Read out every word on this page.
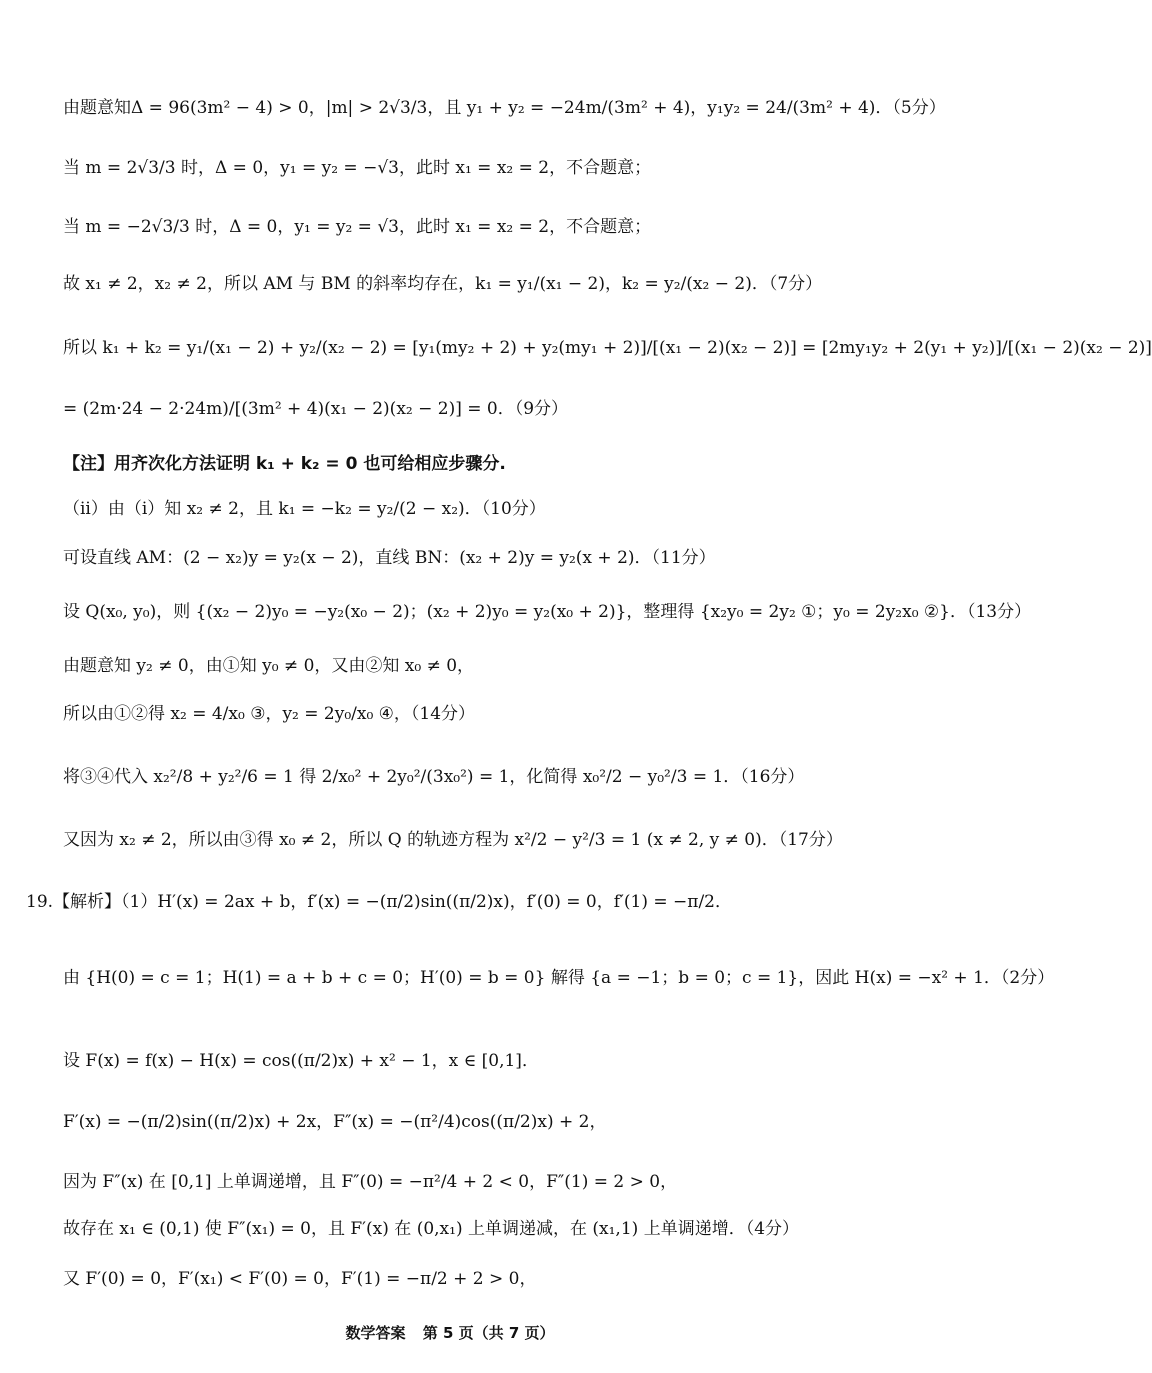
由题意知Δ = 96(3m² − 4) > 0，|m| > 2√3/3，且 y₁ + y₂ = −24m/(3m² + 4)，y₁y₂ = 24/(3m² + 4)．（5分）
当 m = 2√3/3 时，Δ = 0，y₁ = y₂ = −√3，此时 x₁ = x₂ = 2，不合题意；
当 m = −2√3/3 时，Δ = 0，y₁ = y₂ = √3，此时 x₁ = x₂ = 2，不合题意；
故 x₁ ≠ 2，x₂ ≠ 2，所以 AM 与 BM 的斜率均存在，k₁ = y₁/(x₁ − 2)，k₂ = y₂/(x₂ − 2)．（7分）
所以 k₁ + k₂ = y₁/(x₁ − 2) + y₂/(x₂ − 2) = [y₁(my₂ + 2) + y₂(my₁ + 2)]/[(x₁ − 2)(x₂ − 2)] = [2my₁y₂ + 2(y₁ + y₂)]/[(x₁ − 2)(x₂ − 2)]
= (2m·24 − 2·24m)/[(3m² + 4)(x₁ − 2)(x₂ − 2)] = 0．（9分）
【注】用齐次化方法证明 k₁ + k₂ = 0 也可给相应步骤分.
（ii）由（i）知 x₂ ≠ 2，且 k₁ = −k₂ = y₂/(2 − x₂)．（10分）
可设直线 AM：(2 − x₂)y = y₂(x − 2)，直线 BN：(x₂ + 2)y = y₂(x + 2)．（11分）
设 Q(x₀, y₀)，则 {(x₂ − 2)y₀ = −y₂(x₀ − 2)；(x₂ + 2)y₀ = y₂(x₀ + 2)}，整理得 {x₂y₀ = 2y₂ ①；y₀ = 2y₂x₀ ②}．（13分）
由题意知 y₂ ≠ 0，由①知 y₀ ≠ 0，又由②知 x₀ ≠ 0，
所以由①②得 x₂ = 4/x₀ ③，y₂ = 2y₀/x₀ ④，（14分）
将③④代入 x₂²/8 + y₂²/6 = 1 得 2/x₀² + 2y₀²/(3x₀²) = 1，化简得 x₀²/2 − y₀²/3 = 1．（16分）
又因为 x₂ ≠ 2，所以由③得 x₀ ≠ 2，所以 Q 的轨迹方程为 x²/2 − y²/3 = 1 (x ≠ 2, y ≠ 0)．（17分）
19.【解析】（1）H′(x) = 2ax + b，f′(x) = −(π/2)sin((π/2)x)，f′(0) = 0，f′(1) = −π/2．
由 {H(0) = c = 1；H(1) = a + b + c = 0；H′(0) = b = 0} 解得 {a = −1；b = 0；c = 1}，因此 H(x) = −x² + 1．（2分）
设 F(x) = f(x) − H(x) = cos((π/2)x) + x² − 1，x ∈ [0,1]．
F′(x) = −(π/2)sin((π/2)x) + 2x，F″(x) = −(π²/4)cos((π/2)x) + 2，
因为 F″(x) 在 [0,1] 上单调递增，且 F″(0) = −π²/4 + 2 < 0，F″(1) = 2 > 0，
故存在 x₁ ∈ (0,1) 使 F″(x₁) = 0，且 F′(x) 在 (0,x₁) 上单调递减，在 (x₁,1) 上单调递增．（4分）
又 F′(0) = 0，F′(x₁) < F′(0) = 0，F′(1) = −π/2 + 2 > 0，
数学答案 第 5 页（共 7 页）
